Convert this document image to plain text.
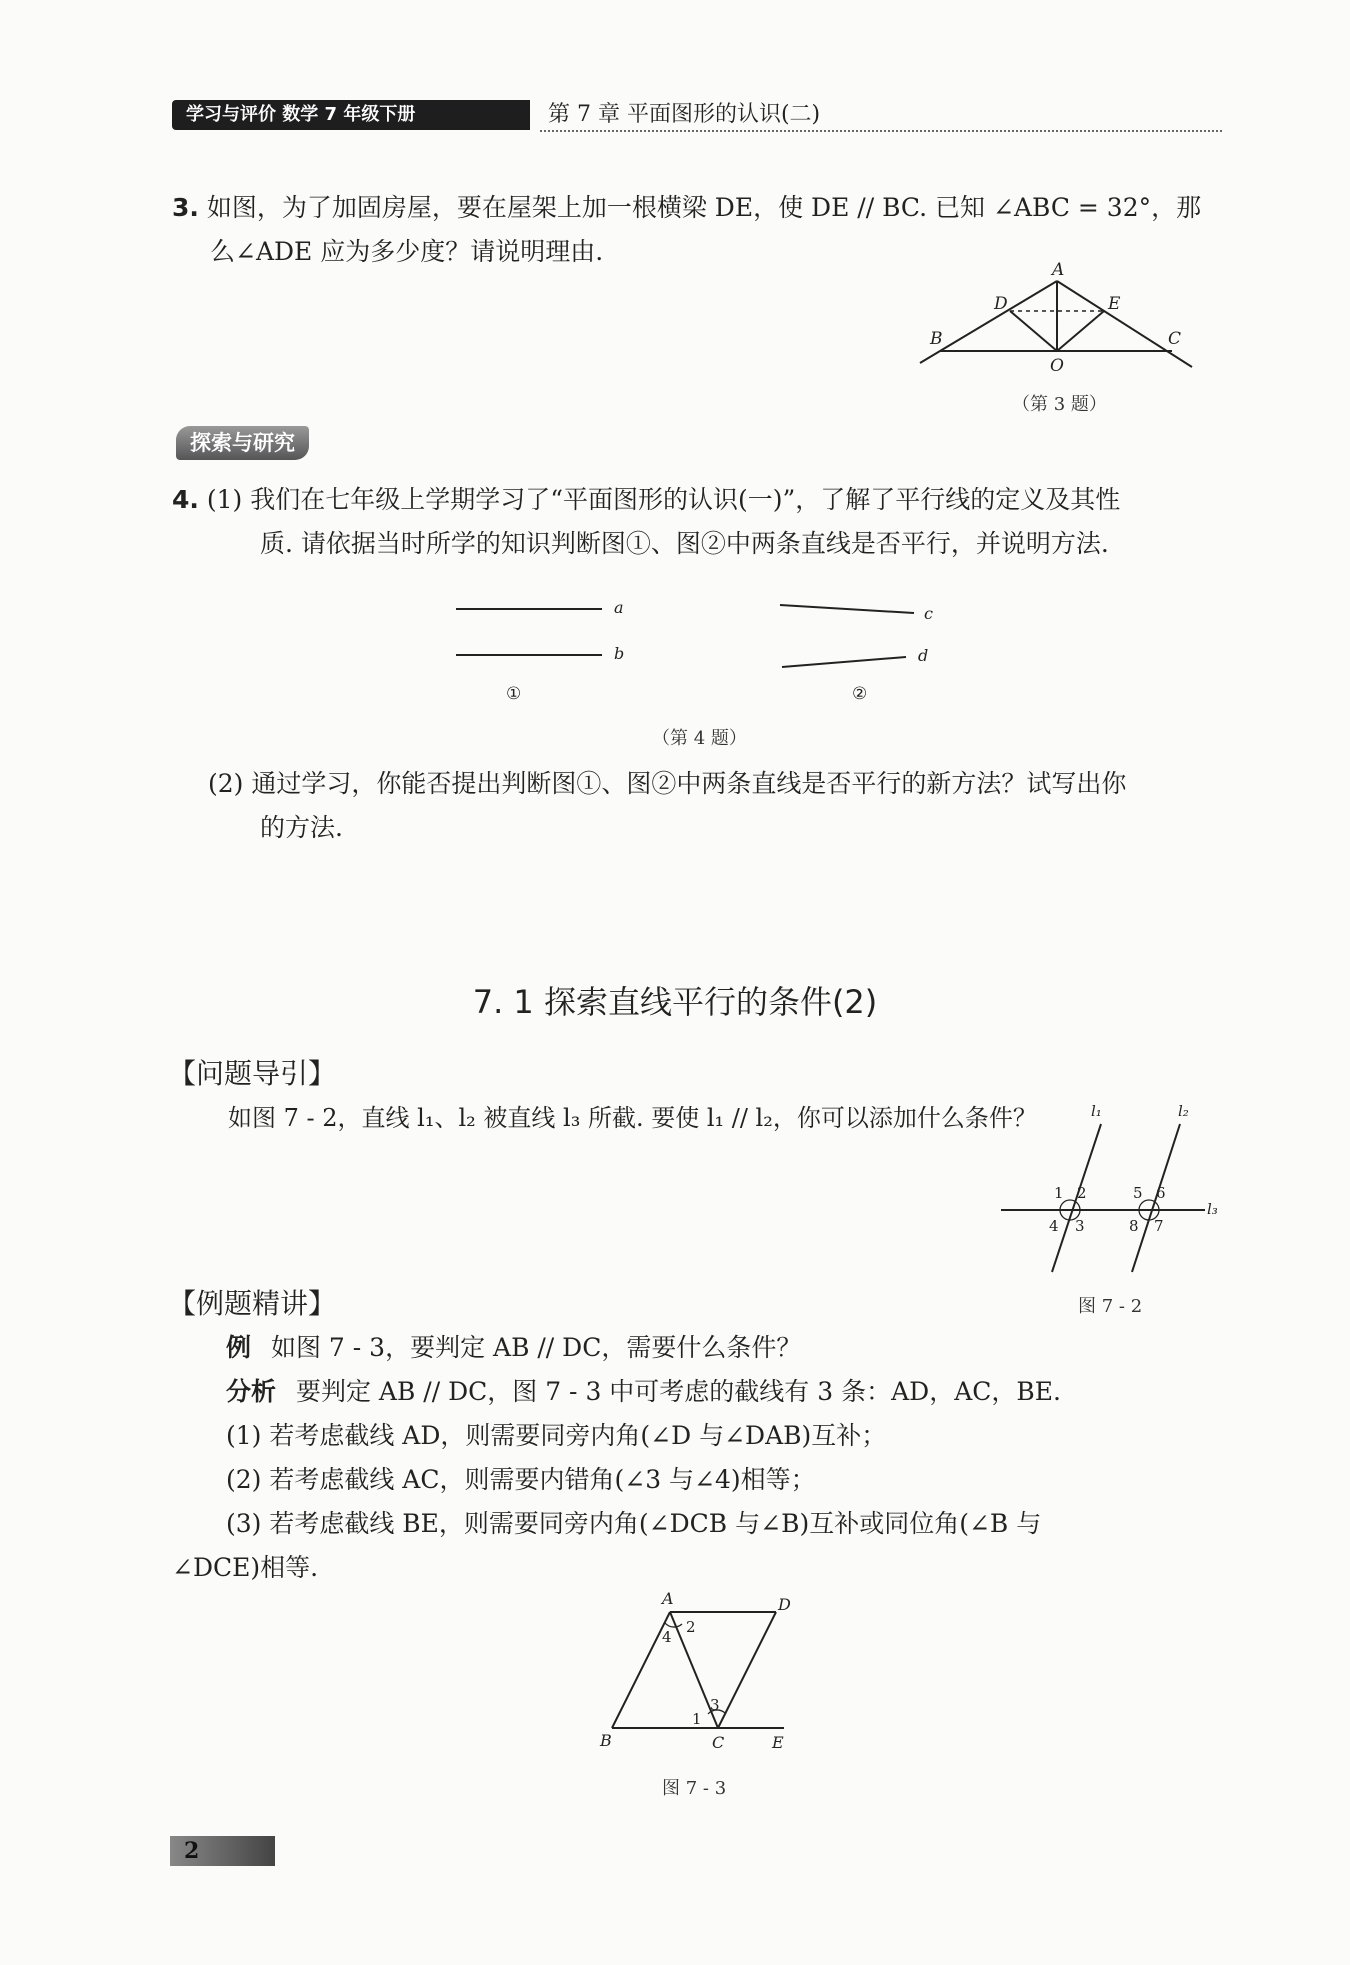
学习与评价 数学 7 年级下册	第 7 章 平面图形的认识(二)
3. 如图，为了加固房屋，要在屋架上加一根横梁 DE，使 DE // BC. 已知 ∠ABC = 32°，那
么∠ADE 应为多少度？请说明理由.
A
D	E
B	C
O
（第 3 题）
探索与研究
4. (1) 我们在七年级上学期学习了“平面图形的认识(一)”，了解了平行线的定义及其性
质. 请依据当时所学的知识判断图①、图②中两条直线是否平行，并说明方法.
a
b
c
d
①	②
（第 4 题）
(2) 通过学习，你能否提出判断图①、图②中两条直线是否平行的新方法？试写出你
的方法.
7. 1 探索直线平行的条件(2)
【问题导引】
如图 7 - 2，直线 l₁、l₂ 被直线 l₃ 所截. 要使 l₁ // l₂，你可以添加什么条件？	l₁	l₂
l₃
1 2
3
4
5 6
7
8
图 7 - 2
【例题精讲】
例 如图 7 - 3，要判定 AB // DC，需要什么条件？
分析 要判定 AB // DC，图 7 - 3 中可考虑的截线有 3 条：AD，AC，BE.
(1) 若考虑截线 AD，则需要同旁内角(∠D 与∠DAB)互补；
(2) 若考虑截线 AC，则需要内错角(∠3 与∠4)相等；
(3) 若考虑截线 BE，则需要同旁内角(∠DCB 与∠B)互补或同位角(∠B 与
∠DCE)相等.
A	D
B	C	E
1
2
3
4
图 7 - 3
2
